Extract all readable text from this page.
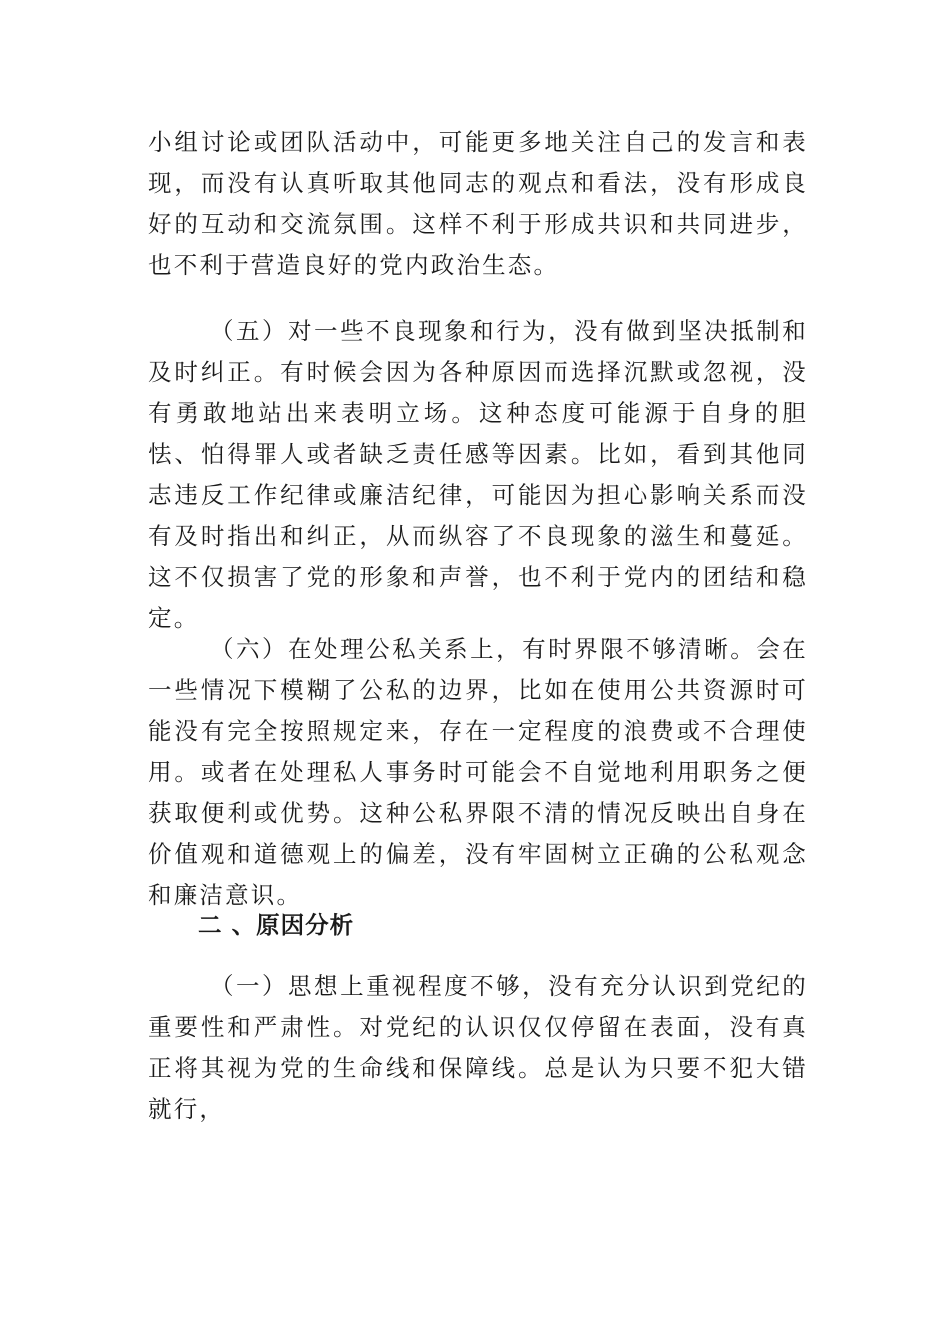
小组讨论或团队活动中，可能更多地关注自己的发言和表现，而没有认真听取其他同志的观点和看法，没有形成良好的互动和交流氛围。这样不利于形成共识和共同进步，也不利于营造良好的党内政治生态。

（五）对一些不良现象和行为，没有做到坚决抵制和及时纠正。有时候会因为各种原因而选择沉默或忽视，没有勇敢地站出来表明立场。这种态度可能源于自身的胆怯、怕得罪人或者缺乏责任感等因素。比如，看到其他同志违反工作纪律或廉洁纪律，可能因为担心影响关系而没有及时指出和纠正，从而纵容了不良现象的滋生和蔓延。这不仅损害了党的形象和声誉，也不利于党内的团结和稳定。

（六）在处理公私关系上，有时界限不够清晰。会在一些情况下模糊了公私的边界，比如在使用公共资源时可能没有完全按照规定来，存在一定程度的浪费或不合理使用。或者在处理私人事务时可能会不自觉地利用职务之便获取便利或优势。这种公私界限不清的情况反映出自身在价值观和道德观上的偏差，没有牢固树立正确的公私观念和廉洁意识。

二 、原因分析

（一）思想上重视程度不够，没有充分认识到党纪的重要性和严肃性。对党纪的认识仅仅停留在表面，没有真正将其视为党的生命线和保障线。总是认为只要不犯大错就行，
